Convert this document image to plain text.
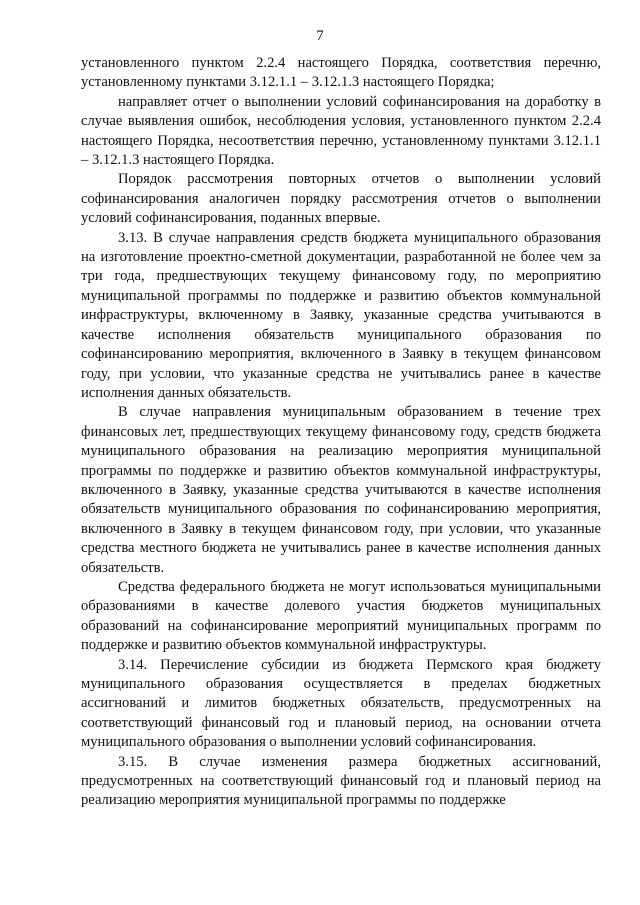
7

установленного пунктом 2.2.4 настоящего Порядка, соответствия перечню, установленному пунктами 3.12.1.1 – 3.12.1.3 настоящего Порядка;

направляет отчет о выполнении условий софинансирования на доработку в случае выявления ошибок, несоблюдения условия, установленного пунктом 2.2.4 настоящего Порядка, несоответствия перечню, установленному пунктами 3.12.1.1 – 3.12.1.3 настоящего Порядка.

Порядок рассмотрения повторных отчетов о выполнении условий софинансирования аналогичен порядку рассмотрения отчетов о выполнении условий софинансирования, поданных впервые.

3.13. В случае направления средств бюджета муниципального образования на изготовление проектно-сметной документации, разработанной не более чем за три года, предшествующих текущему финансовому году, по мероприятию муниципальной программы по поддержке и развитию объектов коммунальной инфраструктуры, включенному в Заявку, указанные средства учитываются в качестве исполнения обязательств муниципального образования по софинансированию мероприятия, включенного в Заявку в текущем финансовом году, при условии, что указанные средства не учитывались ранее в качестве исполнения данных обязательств.

В случае направления муниципальным образованием в течение трех финансовых лет, предшествующих текущему финансовому году, средств бюджета муниципального образования на реализацию мероприятия муниципальной программы по поддержке и развитию объектов коммунальной инфраструктуры, включенного в Заявку, указанные средства учитываются в качестве исполнения обязательств муниципального образования по софинансированию мероприятия, включенного в Заявку в текущем финансовом году, при условии, что указанные средства местного бюджета не учитывались ранее в качестве исполнения данных обязательств.

Средства федерального бюджета не могут использоваться муниципальными образованиями в качестве долевого участия бюджетов муниципальных образований на софинансирование мероприятий муниципальных программ по поддержке и развитию объектов коммунальной инфраструктуры.

3.14. Перечисление субсидии из бюджета Пермского края бюджету муниципального образования осуществляется в пределах бюджетных ассигнований и лимитов бюджетных обязательств, предусмотренных на соответствующий финансовый год и плановый период, на основании отчета муниципального образования о выполнении условий софинансирования.

3.15. В случае изменения размера бюджетных ассигнований, предусмотренных на соответствующий финансовый год и плановый период на реализацию мероприятия муниципальной программы по поддержке
